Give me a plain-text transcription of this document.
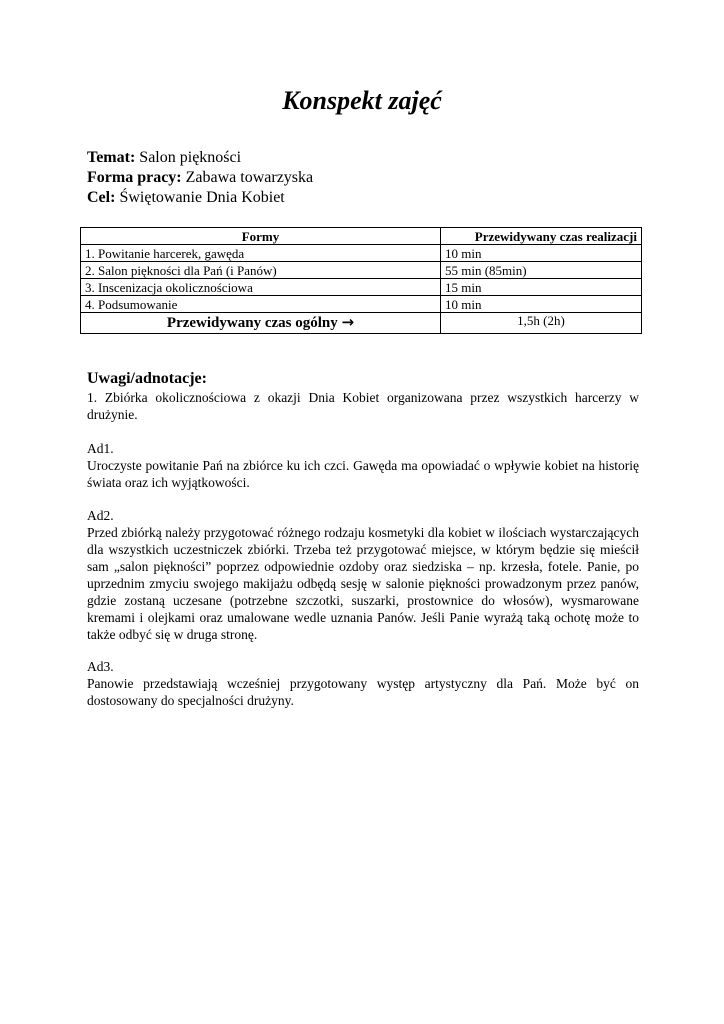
Konspekt zajęć
Temat: Salon piękności
Forma pracy: Zabawa towarzyska
Cel: Świętowanie Dnia Kobiet
Formy	Przewidywany czas realizacji
1. Powitanie harcerek, gawęda	10 min
2. Salon piękności dla Pań (i Panów)	55 min (85min)
3. Inscenizacja okolicznościowa	15 min
4. Podsumowanie	10 min
Przewidywany czas ogólny →	1,5h (2h)
Uwagi/adnotacje:
1. Zbiórka okolicznościowa z okazji Dnia Kobiet organizowana przez wszystkich harcerzy w drużynie.
Ad1.
Uroczyste powitanie Pań na zbiórce ku ich czci. Gawęda ma opowiadać o wpływie kobiet na historię świata oraz ich wyjątkowości.
Ad2.
Przed zbiórką należy przygotować różnego rodzaju kosmetyki dla kobiet w ilościach wystarczających dla wszystkich uczestniczek zbiórki. Trzeba też przygotować miejsce, w którym będzie się mieścił sam „salon piękności” poprzez odpowiednie ozdoby oraz siedziska – np. krzesła, fotele. Panie, po uprzednim zmyciu swojego makijażu odbędą sesję w salonie piękności prowadzonym przez panów, gdzie zostaną uczesane (potrzebne szczotki, suszarki, prostownice do włosów), wysmarowane kremami i olejkami oraz umalowane wedle uznania Panów. Jeśli Panie wyrażą taką ochotę może to także odbyć się w druga stronę.
Ad3.
Panowie przedstawiają wcześniej przygotowany występ artystyczny dla Pań. Może być on dostosowany do specjalności drużyny.
